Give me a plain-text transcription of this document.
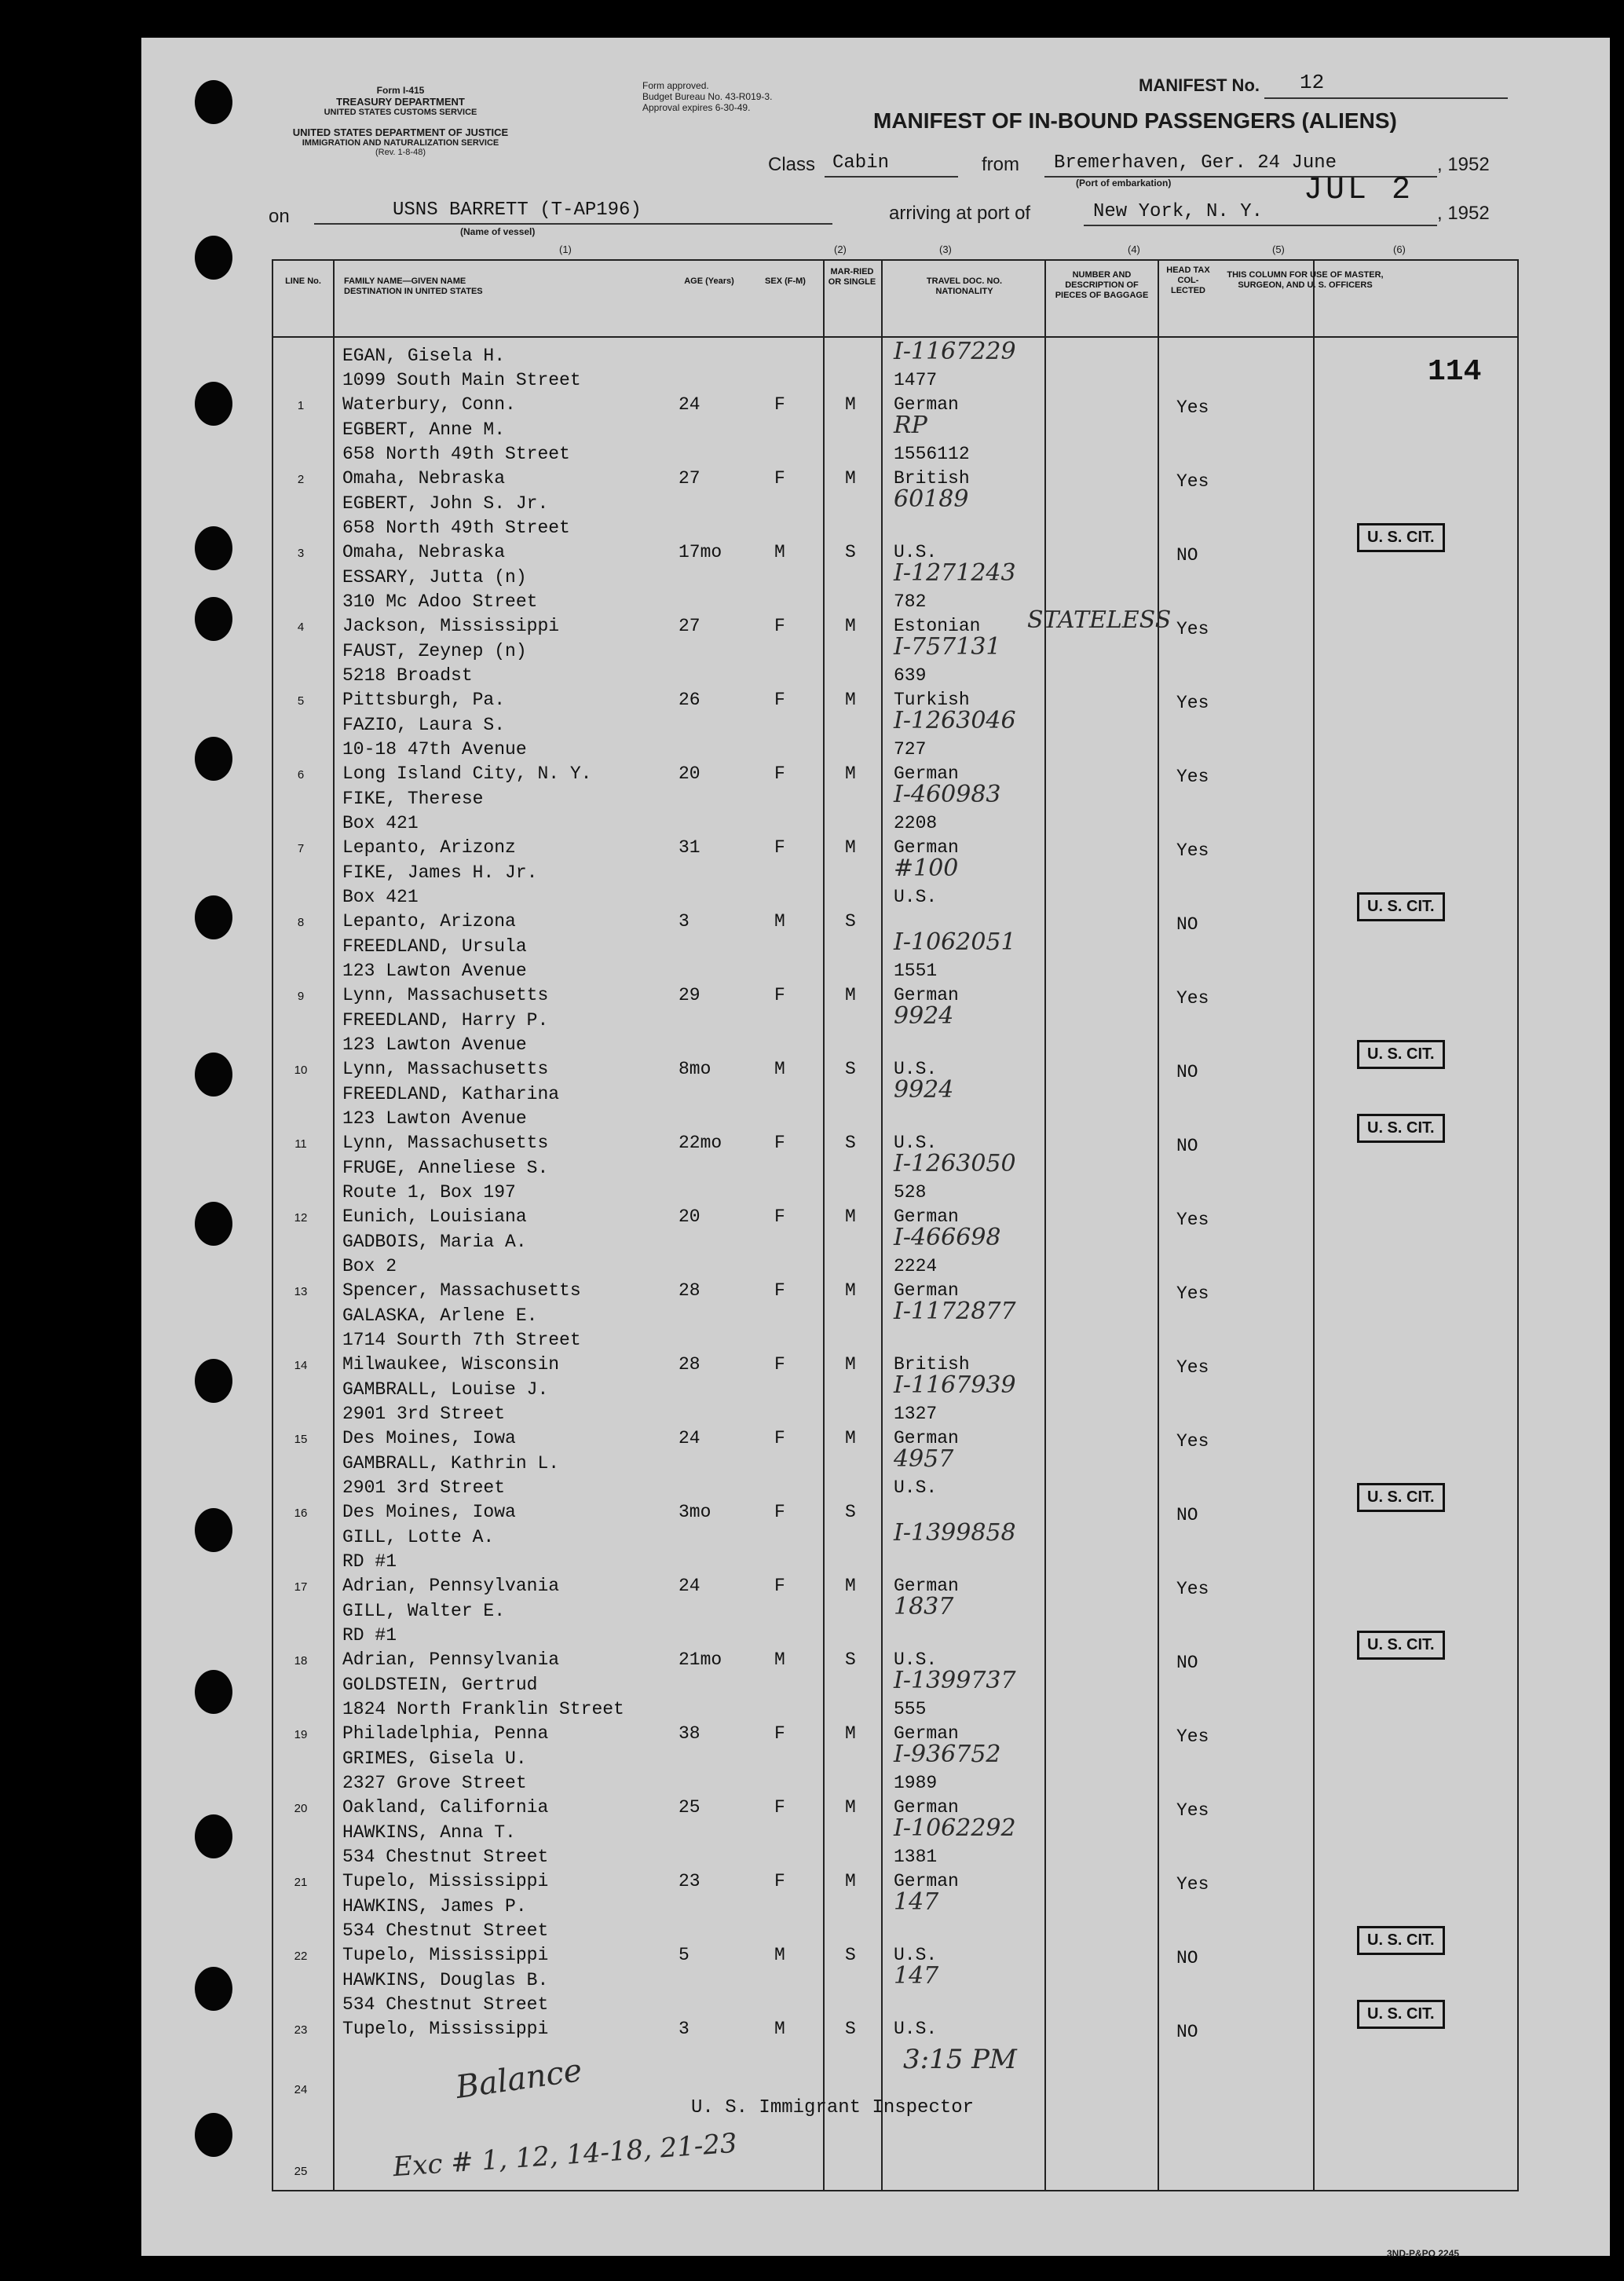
Form I-415
TREASURY DEPARTMENT
UNITED STATES CUSTOMS SERVICE
UNITED STATES DEPARTMENT OF JUSTICE
IMMIGRATION AND NATURALIZATION SERVICE
(Rev. 1-8-48)
Form approved.
Budget Bureau No. 43-R019-3.
Approval expires 6-30-49.
MANIFEST No. 12
MANIFEST OF IN-BOUND PASSENGERS (ALIENS)
Class Cabin	from Bremerhaven, Ger. 24 June
(Port of embarkation)
, 1952
on	USNS BARRETT (T-AP196)
(Name of vessel)
arriving at port of	New York, N. Y.
JUL 2
, 1952
(1)	(2)	(3)	(4)	(5)	(6)
LINE No.	FAMILY NAME—GIVEN NAME DESTINATION IN UNITED STATES
AGE (Years)	SEX (F-M)
MAR-RIED OR SINGLE	TRAVEL DOC. NO. NATIONALITY
NUMBER AND DESCRIPTION OF PIECES OF BAGGAGE
HEAD TAX COL-LECTED
THIS COLUMN FOR USE OF MASTER, SURGEON, AND U. S. OFFICERS
1
EGAN, Gisela H.
1099 South Main Street
Waterbury, Conn.	24	F	M
I-1167229
1477
German	Yes
114
2
EGBERT, Anne M.
658 North 49th Street
Omaha, Nebraska	27	F	M
RP
1556112
British	Yes
3
EGBERT, John S. Jr.
658 North 49th Street
Omaha, Nebraska	17mo	M	S
60189
U.S.	NO
U. S. CIT.
4
ESSARY, Jutta (n)
310 Mc Adoo Street
Jackson, Mississippi	27	F	M
I-1271243
782
Estonian	Yes
STATELESS
5
FAUST, Zeynep (n)
5218 Broadst
Pittsburgh, Pa.	26	F	M
I-757131
639
Turkish	Yes
6
FAZIO, Laura S.
10-18 47th Avenue
Long Island City, N. Y.	20	F	M
I-1263046
727
German	Yes
7
FIKE, Therese
Box 421
Lepanto, Arizonz	31	F	M
I-460983
2208
German	Yes
8
FIKE, James H. Jr.
Box 421
Lepanto, Arizona	3	M	S
#100
U.S.
NO
U. S. CIT.
9
FREEDLAND, Ursula
123 Lawton Avenue
Lynn, Massachusetts	29	F	M
I-1062051
1551
German	Yes
10
FREEDLAND, Harry P.
123 Lawton Avenue
Lynn, Massachusetts	8mo	M	S
9924
U.S.	NO
U. S. CIT.
11
FREEDLAND, Katharina
123 Lawton Avenue
Lynn, Massachusetts	22mo	F	S
9924
U.S.	NO
U. S. CIT.
12
FRUGE, Anneliese S.
Route 1, Box 197
Eunich, Louisiana	20	F	M
I-1263050
528
German	Yes
13
GADBOIS, Maria A.
Box 2
Spencer, Massachusetts	28	F	M
I-466698
2224
German	Yes
14
GALASKA, Arlene E.
1714 Sourth 7th Street
Milwaukee, Wisconsin	28	F	M
I-1172877
British	Yes
15
GAMBRALL, Louise J.
2901 3rd Street
Des Moines, Iowa	24	F	M
I-1167939
1327
German	Yes
16
GAMBRALL, Kathrin L.
2901 3rd Street
Des Moines, Iowa	3mo	F	S
4957
U.S.
NO
U. S. CIT.
17
GILL, Lotte A.
RD #1
Adrian, Pennsylvania	24	F	M
I-1399858
German	Yes
18
GILL, Walter E.
RD #1
Adrian, Pennsylvania	21mo	M	S
1837
U.S.	NO
U. S. CIT.
19
GOLDSTEIN, Gertrud
1824 North Franklin Street
Philadelphia, Penna	38	F	M
I-1399737
555
German	Yes
20
GRIMES, Gisela U.
2327 Grove Street
Oakland, California	25	F	M
I-936752
1989
German	Yes
21
HAWKINS, Anna T.
534 Chestnut Street
Tupelo, Mississippi	23	F	M
I-1062292
1381
German	Yes
22
HAWKINS, James P.
534 Chestnut Street
Tupelo, Mississippi	5	M	S
147
U.S.	NO
U. S. CIT.
23
HAWKINS, Douglas B.
534 Chestnut Street
Tupelo, Mississippi	3	M	S
147
U.S.	NO
U. S. CIT.
24
25
Balance	3:15 PM
U. S. Immigrant Inspector
Exc # 1, 12, 14-18, 21-23
3ND-P&PO 2245
